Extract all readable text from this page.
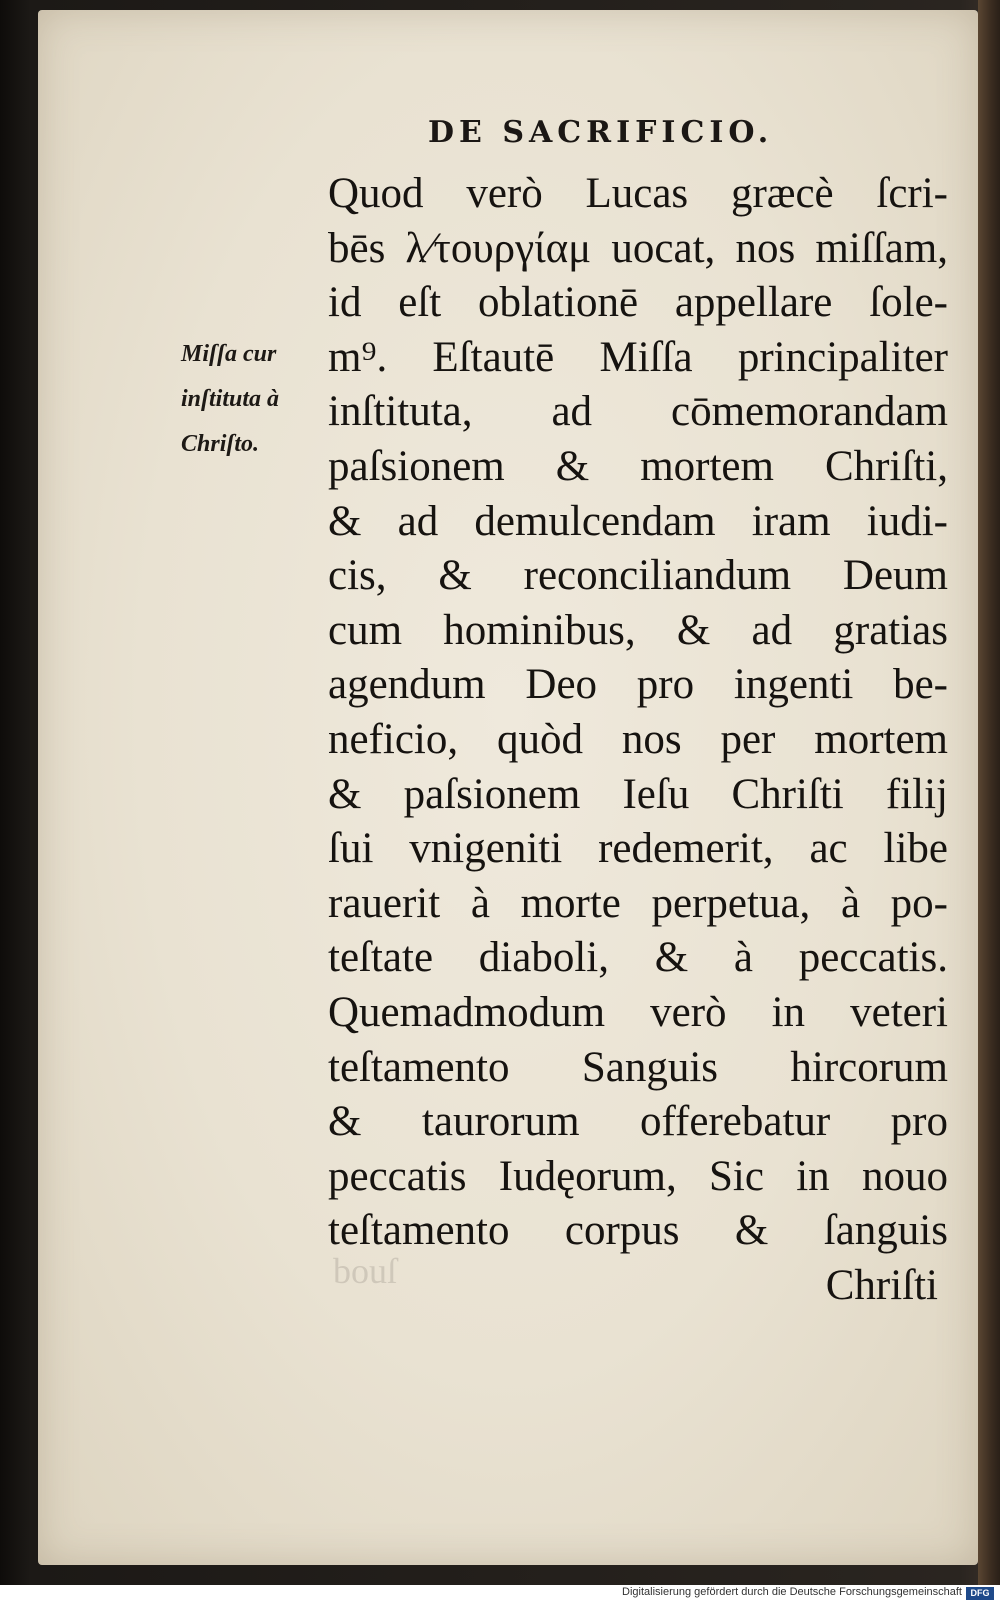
DE SACRIFICIO.
Miſſa cur
inſtituta à
Chriſto.
Quod verò Lucas græcè ſcri-
bēs λ⁄τουργίαμ uocat, nos miſſam,
id eſt oblationē appellare ſole-
m⁹. Eſtautē Miſſa principaliter
inſtituta, ad cōmemorandam
paſsionem & mortem Chriſti,
& ad demulcendam iram iudi-
cis, & reconciliandum Deum
cum hominibus, & ad gratias
agendum Deo pro ingenti be-
neficio, quòd nos per mortem
& paſsionem Ieſu Chriſti filij
ſui vnigeniti redemerit, ac libe
rauerit à morte perpetua, à po-
teſtate diaboli, & à peccatis.
Quemadmodum verò in veteri
teſtamento Sanguis hircorum
& taurorum offerebatur pro
peccatis Iudęorum, Sic in nouo
teſtamento corpus & ſanguis
Chriſti
bouſ
Digitalisierung gefördert durch die Deutsche Forschungsgemeinschaft DFG
